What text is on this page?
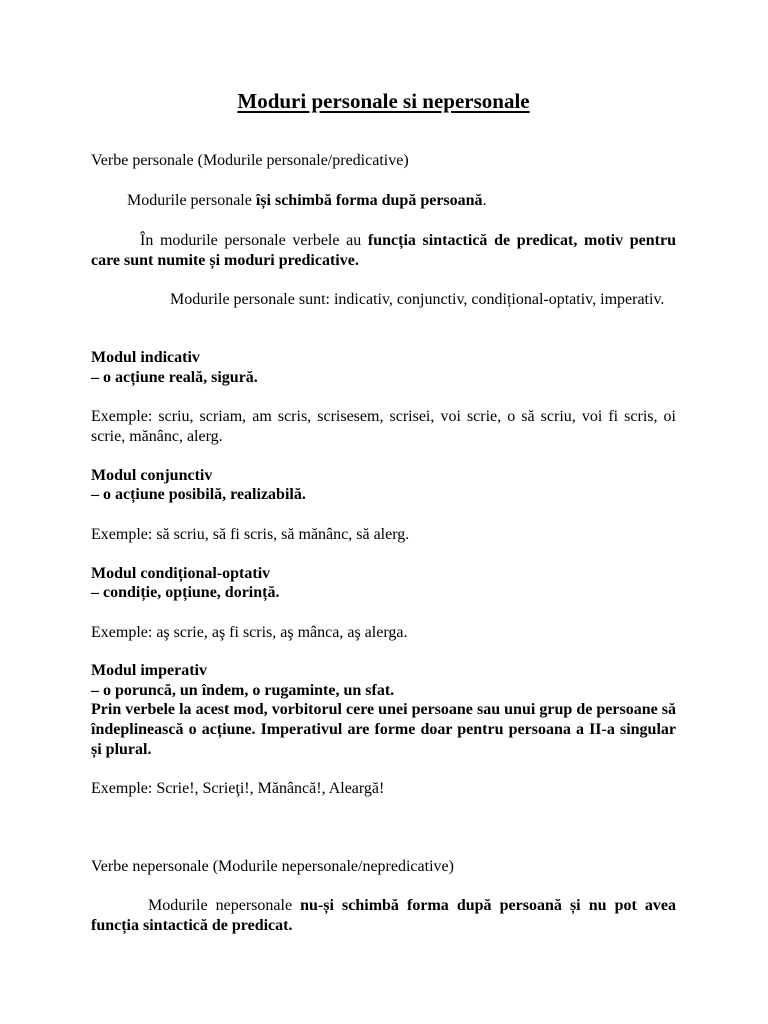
Moduri personale si nepersonale
Verbe personale (Modurile personale/predicative)
Modurile personale își schimbă forma după persoană.
În modurile personale verbele au funcția sintactică de predicat, motiv pentru care sunt numite și moduri predicative.
Modurile personale sunt: indicativ, conjunctiv, condițional-optativ, imperativ.
Modul indicativ
– o acțiune reală, sigură.
Exemple: scriu, scriam, am scris, scrisesem, scrisei, voi scrie, o să scriu, voi fi scris, oi scrie, mănânc, alerg.
Modul conjunctiv
– o acțiune posibilă, realizabilă.
Exemple: să scriu, să fi scris, să mănânc, să alerg.
Modul condițional-optativ
– condiție, opțiune, dorință.
Exemple: aş scrie, aş fi scris, aş mânca, aş alerga.
Modul imperativ
– o poruncă, un îndem, o rugaminte, un sfat.
Prin verbele la acest mod, vorbitorul cere unei persoane sau unui grup de persoane să îndeplinească o acțiune. Imperativul are forme doar pentru persoana a II-a singular și plural.
Exemple: Scrie!, Scrieţi!, Mănâncă!, Aleargă!
Verbe nepersonale (Modurile nepersonale/nepredicative)
Modurile nepersonale nu-și schimbă forma după persoană și nu pot avea funcția sintactică de predicat.
